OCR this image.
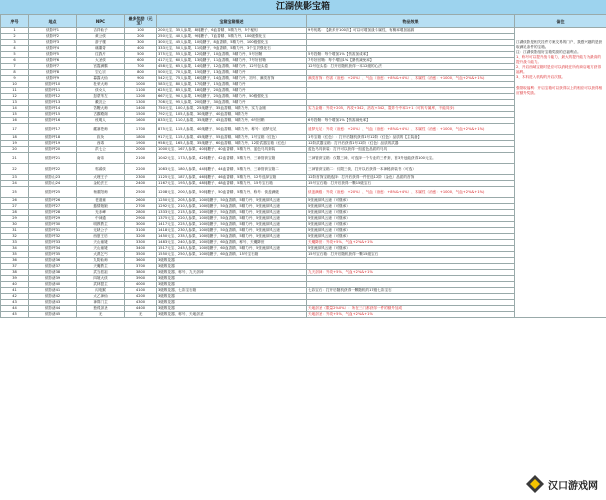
江湖侠影宝箱
序号	地点	NPC	最多奖励（元宝）	宝箱宝箱描述	物品效果	备注
1	侠影坪1	吉祥仙子	100	200元宝、35人参果、8纯糖子、6血香精、5精力丹、5个秘钥	9号钥匙：【最多开100次】可以可增加战斗属性，有概率增加福源	
2	侠影坪2	黄公侠	200	250元宝、40人参果、9纯糖子、7血香精、5精力丹、100级强化玉		
3	侠影坪3	游子楼	300	300元宝、45人参果、10纯糖子、8血香精、5精力丹、100级强化玉		
4	侠影坪4	痛董奇	400	333元宝、50人参果、11纯糖子、9血香精、5精力丹、3个宝贝强化石		
5	侠影坪5	往我片	500	375元宝、55人参果、12纯糖子、10血香精、5精力丹、5号回鞘	5号投鞘：每个增加1%【伤害加成率】	
6	侠影坪6	大圣侠	600	417元宝、60人参果、13纯糖子、11血香精、5精力丹、7号好回鞘	7号好回鞘：每个增加1%【暴伤减免率】	
7	侠影坪7	宫霞满霸	700	458元宝、65人参果、14纯糖子、12血香精、5精力丹、12号包头卷	12号包头卷：打开后随机获得一本12级的心法	
8	侠影坪8	空心宗	800	500元宝、70人参果、15纯糖子、13血香精、5精力丹		
9	侠影坪9	暮露大仙	900	542元宝、75人参果、16纯糖子、14血香精、5精力丹、初号、满类首饰	满类首饰：伤害（治愈：+20%）、气血（治愈：+8%&+4%）、木属性（治愈：+1000、气血+2%&+1%)	
10	侠影坪10	杜荣大师	1000	583元宝、80人参果、17纯糖子、15血香精、5精力丹		
11	侠影坪11	侠女人	1100	625元宝、85人参果、18纯糖子、20血香精、5精力丹		
12	侠影坪12	怒蒙苇左	1200	667元宝、90人参果、19纯糖子、25血香精、5精力丹、50级强化玉		
13	侠影坪13	戴沉公	1300	708元宝、95人参果、20纯糖子、30血香精、5精力丹		
14	侠影坪14	苦鞭大师	1400	750元宝、100人参果、25纯糖子、35血香精、5精力丹、实力金刚	实力金刚：外攻+205，内攻+342，洛攻+342，震炸令中率1+1（可转专属库，不能同步)	
15	侠影坪15	古霸殿阁	1500	792元宝、105人参果、30纯糖子、40血香精、5精力丹		
16	侠影坪16	枕明人	1600	833元宝、110人参果、35纯糖子、45血香精、5精力丹、6号回鞘	6号投鞘：每个增加1%【伤害减免率】	
17	侠影坪17	藏塞苍师	1700	875元宝、115人参果、40纯糖子、50血香精、5精力丹、称号：逍梦无足	逍梦无足：外攻（治愈：+20%）、气血（治愈：+8%&+4%）、木属性（治愈：+1000、气血+2%&+1%)	
18	侠影坪18	寂奂	1800	917元宝、115人参果、45纯糖子、55血香精、5精力丹、1号宝箱（红色）	1号宝箱（红色）：打开后随机获得1号12阶（红色）品质的【主装备】	
19	侠影坪19	西毒	1900	958元宝、165人参果、35纯糖子、60血香精、5精力丹、12阶武器宝箱（红色）	12阶武器宝箱：打开后获得1号12阶（红色）品质的武器	
20	侠影坪20	洪七公	2000	1000元宝、167人参果、40纯糖子、40血香精、5精力丹、蓝色马具套装	蓝色马具套装：打开可以获得一组蓝色品质的马具	
21	侠影坪21	南帝	2100	1042元宝、173人参果、42纯糖子、42血香精、5精力丹、三神管套宝箱	三神管套宝箱：仅限三神，可选择一个专业的三件套，首3升冠能获得100元宝。	
22	侠影坪22	郭睿侠	2200	1083元宝、180人参果、44纯糖子、44血香精、5精力丹、三神管套宝箱二	三神管套宝箱二：仅限三侠，打开以后获得一本神秘套装书（可选）	
23	侠影山23	大理王子	2300	1125元宝、187人参果、46纯糖子、46血香精、5精力丹、12号选择宝箱	12阶首饰宝箱选择：打开后获得一件任选12阶（金色）品质的首饰	
24	侠影山24	金轮法王	2400	1167元宝、193人参果、48纯糖子、48血香精、5精力丹、15号宝石箱	15号宝石箱：打开后获得一颗15级宝石	
25	侠影坪25	杨重阳师	2500	1208元宝、200人参果、50纯糖子、50血香精、5精力丹、称号：侠盖满级	侠盖满级：外攻（治愈：+20%）、气血（治愈：+8%&+4%）、木属性（治愈：+1000、气血+2%&+1%)	
26	侠影坪26	老道童	2600	1250元宝、205人参果、100纯糖子、50血香精、5精力丹、5张流绿风云遮	5张流绿风云遮（可继承）	
27	侠影坪27	慈情娘娘	2700	1292元宝、210人参果、100纯糖子、50血香精、5精力丹、5张流绿风云遮	5张流绿风云遮（可继承）	
28	侠影坪28	光赤峰	2800	1333元宝、215人参果、100纯糖子、50血香精、5精力丹、5张流绿风云遮	5张流绿风云遮（可继承）	
29	侠影坪29	中神通	2900	1375元宝、220人参果、100纯糖子、50血香精、5精力丹、5张流绿风云遮	5张流绿风云遮（可继承）	
30	侠影坪30	明教教主	3000	1417元宝、225人参果、100纯糖子、50血香精、5精力丹、5张流绿风云遮	5张流绿风云遮（可继承）	
31	侠影坪31	无缺公子	3100	1418元宝、230人参果、100纯糖子、50血香精、5精力丹、5张流绿风云遮	5张流绿风云遮（可继承）	
32	侠影坪32	西夏王后	3200	1450元宝、235人参果、100纯糖子、50血香精、5精力丹、5张流绿风云遮	5张流绿风云遮（可继承）	
33	侠影坪33	天山童姥	3300	1483元宝、240人参果、100纯糖子、60血香精、称号、天魔降世	天魔降世：外攻+5%、气血+2%&+1%	
34	侠影坪34	天山童姥	3400	1517元宝、245人参果、100纯糖子、60血香精、5精力丹、5张流绿风云遮	5张流绿风云遮（可继承）	
35	侠影坪35	大漠乞丐	3500	1550元宝、250人参果、100纯糖子、60血香精、15号宝石箱	15号宝石箱：打开后随机获得一颗15级宝石	
36	侠影诸36	九阴仙师	3600	3级吸花器		
37	侠影诸37	天魔教主	3700	3级吸花器		
38	侠影诸38	武当派祖	3800	3级吸花器、称号、九天剑神	九天剑神：外攻+5%、气血+2%&+1%	
39	侠影诸39	四境大侠	3900	3级吸花器		
40	侠影诸40	武林盟主	4000	3级吸花器		
41	侠影诸41	闪电猴	4100	3级吸花器、七彩宝石箱	七彩宝石：打开后随机获得一颗随机的17级七彩宝石	
42	侠影诸42	太乙神仙	4200	3级吸花器		
43	侠影诸43	神算门主	4300	3级吸花器		
44	侠影诸44	独孤剑圣	4400	3级吸花器	天地剑圣（限量2%0%）：所在三门都获得一件的额外加成	
45	侠影诸45	无	无	3级吸花器、称号、天地剑圣	天地剑圣：外攻+5%、气血+2%&+1%	
江湖侠影是相关挂件方案交易的门户，我感兴趣的是获取满足条件的宝箱。
注：江湖侠影组好宝箱奖励的总福利点。
1、称号可以提升战斗能力，最大的提升能力为最高的提升战斗能力。
2、开启西域宝箱时是应可以消耗在所有商店地方获得福利。
3、木料进入机构的开启次数。
强领取福利：开启宝箱可以获得以上的相应可以获得相应额外奖励。
汉口游戏网
